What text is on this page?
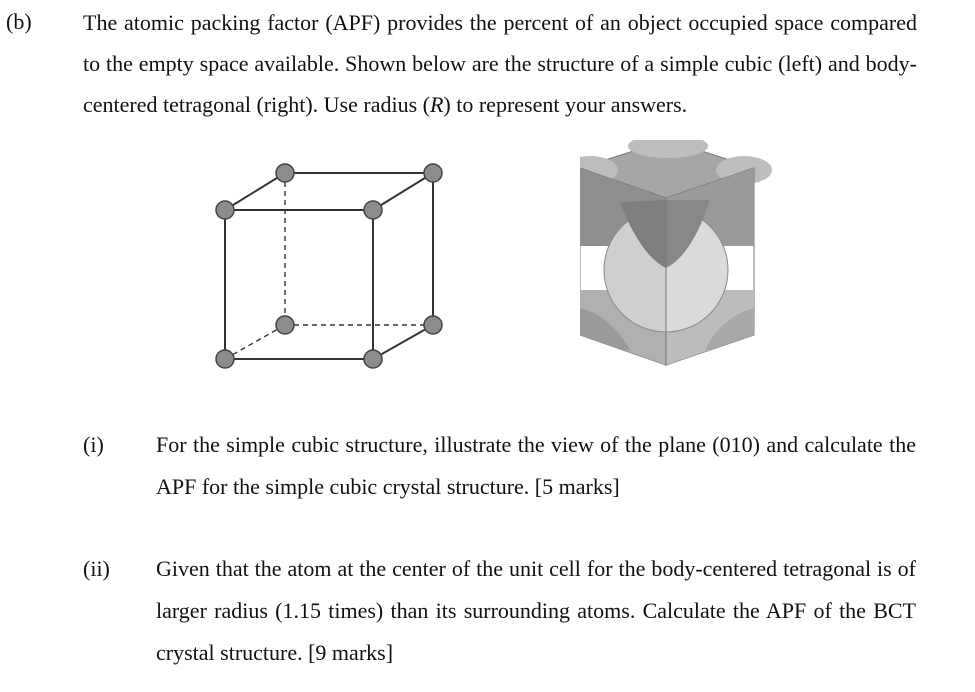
(b) The atomic packing factor (APF) provides the percent of an object occupied space compared to the empty space available. Shown below are the structure of a simple cubic (left) and body-centered tetragonal (right). Use radius (R) to represent your answers.
(i) For the simple cubic structure, illustrate the view of the plane (010) and calculate the APF for the simple cubic crystal structure. [5 marks]
(ii) Given that the atom at the center of the unit cell for the body-centered tetragonal is of larger radius (1.15 times) than its surrounding atoms. Calculate the APF of the BCT crystal structure. [9 marks]
